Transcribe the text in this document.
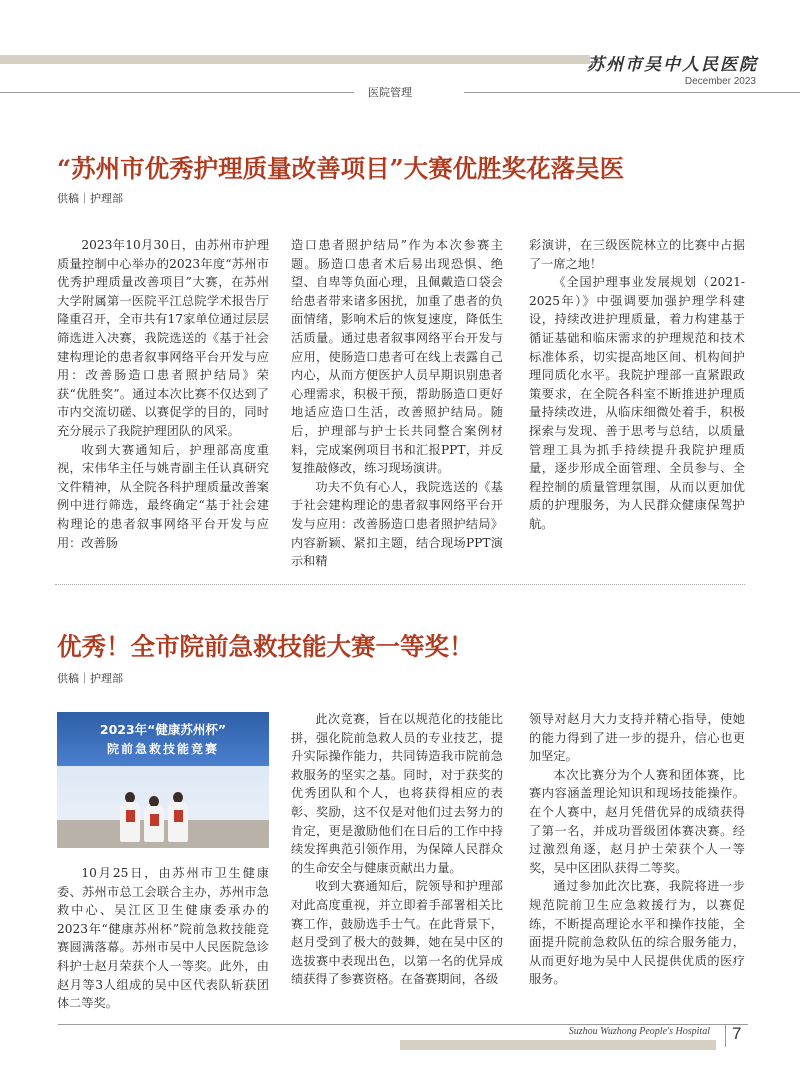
苏州市吴中人民医院
December 2023
医院管理
“苏州市优秀护理质量改善项目”大赛优胜奖花落吴医
供稿｜护理部

2023年10月30日，由苏州市护理质量控制中心举办的2023年度“苏州市优秀护理质量改善项目”大赛，在苏州大学附属第一医院平江总院学术报告厅隆重召开，全市共有17家单位通过层层筛选进入决赛，我院选送的《基于社会建构理论的患者叙事网络平台开发与应用：改善肠造口患者照护结局》荣获“优胜奖”。通过本次比赛不仅达到了市内交流切磋、以赛促学的目的，同时充分展示了我院护理团队的风采。

收到大赛通知后，护理部高度重视，宋伟华主任与姚青副主任认真研究文件精神，从全院各科护理质量改善案例中进行筛选，最终确定“基于社会建构理论的患者叙事网络平台开发与应用：改善肠

造口患者照护结局”作为本次参赛主题。肠造口患者术后易出现恐惧、绝望、自卑等负面心理，且佩戴造口袋会给患者带来诸多困扰，加重了患者的负面情绪，影响术后的恢复速度，降低生活质量。通过患者叙事网络平台开发与应用，使肠造口患者可在线上表露自己内心，从而方便医护人员早期识别患者心理需求，积极干预，帮助肠造口更好地适应造口生活，改善照护结局。随后，护理部与护士长共同整合案例材料，完成案例项目书和汇报PPT，并反复推敲修改，练习现场演讲。

功夫不负有心人，我院选送的《基于社会建构理论的患者叙事网络平台开发与应用：改善肠造口患者照护结局》内容新颖、紧扣主题，结合现场PPT演示和精

彩演讲，在三级医院林立的比赛中占据了一席之地！

《全国护理事业发展规划（2021-2025年）》中强调要加强护理学科建设，持续改进护理质量，着力构建基于循证基础和临床需求的护理规范和技术标准体系，切实提高地区间、机构间护理同质化水平。我院护理部一直紧跟政策要求，在全院各科室不断推进护理质量持续改进，从临床细微处着手，积极探索与发现、善于思考与总结，以质量管理工具为抓手持续提升我院护理质量，逐步形成全面管理、全员参与、全程控制的质量管理氛围，从而以更加优质的护理服务，为人民群众健康保驾护航。

优秀！全市院前急救技能大赛一等奖！
供稿｜护理部
2023年“健康苏州杯”
院前急救技能竞赛

10月25日，由苏州市卫生健康委、苏州市总工会联合主办，苏州市急救中心、吴江区卫生健康委承办的2023年“健康苏州杯”院前急救技能竞赛圆满落幕。苏州市吴中人民医院急诊科护士赵月荣获个人一等奖。此外，由赵月等3人组成的吴中区代表队斩获团体二等奖。

此次竞赛，旨在以规范化的技能比拼，强化院前急救人员的专业技艺，提升实际操作能力，共同铸造我市院前急救服务的坚实之基。同时，对于获奖的优秀团队和个人，也将获得相应的表彰、奖励，这不仅是对他们过去努力的肯定，更是激励他们在日后的工作中持续发挥典范引领作用，为保障人民群众的生命安全与健康贡献出力量。

收到大赛通知后，院领导和护理部对此高度重视，并立即着手部署相关比赛工作，鼓励选手士气。在此背景下，赵月受到了极大的鼓舞，她在吴中区的选拔赛中表现出色，以第一名的优异成绩获得了参赛资格。在备赛期间，各级

领导对赵月大力支持并精心指导，使她的能力得到了进一步的提升，信心也更加坚定。

本次比赛分为个人赛和团体赛，比赛内容涵盖理论知识和现场技能操作。在个人赛中，赵月凭借优异的成绩获得了第一名，并成功晋级团体赛决赛。经过激烈角逐，赵月护士荣获个人一等奖，吴中区团队获得二等奖。

通过参加此次比赛，我院将进一步规范院前卫生应急救援行为，以赛促练，不断提高理论水平和操作技能，全面提升院前急救队伍的综合服务能力，从而更好地为吴中人民提供优质的医疗服务。

Suzhou Wuzhong People's Hospital 7
